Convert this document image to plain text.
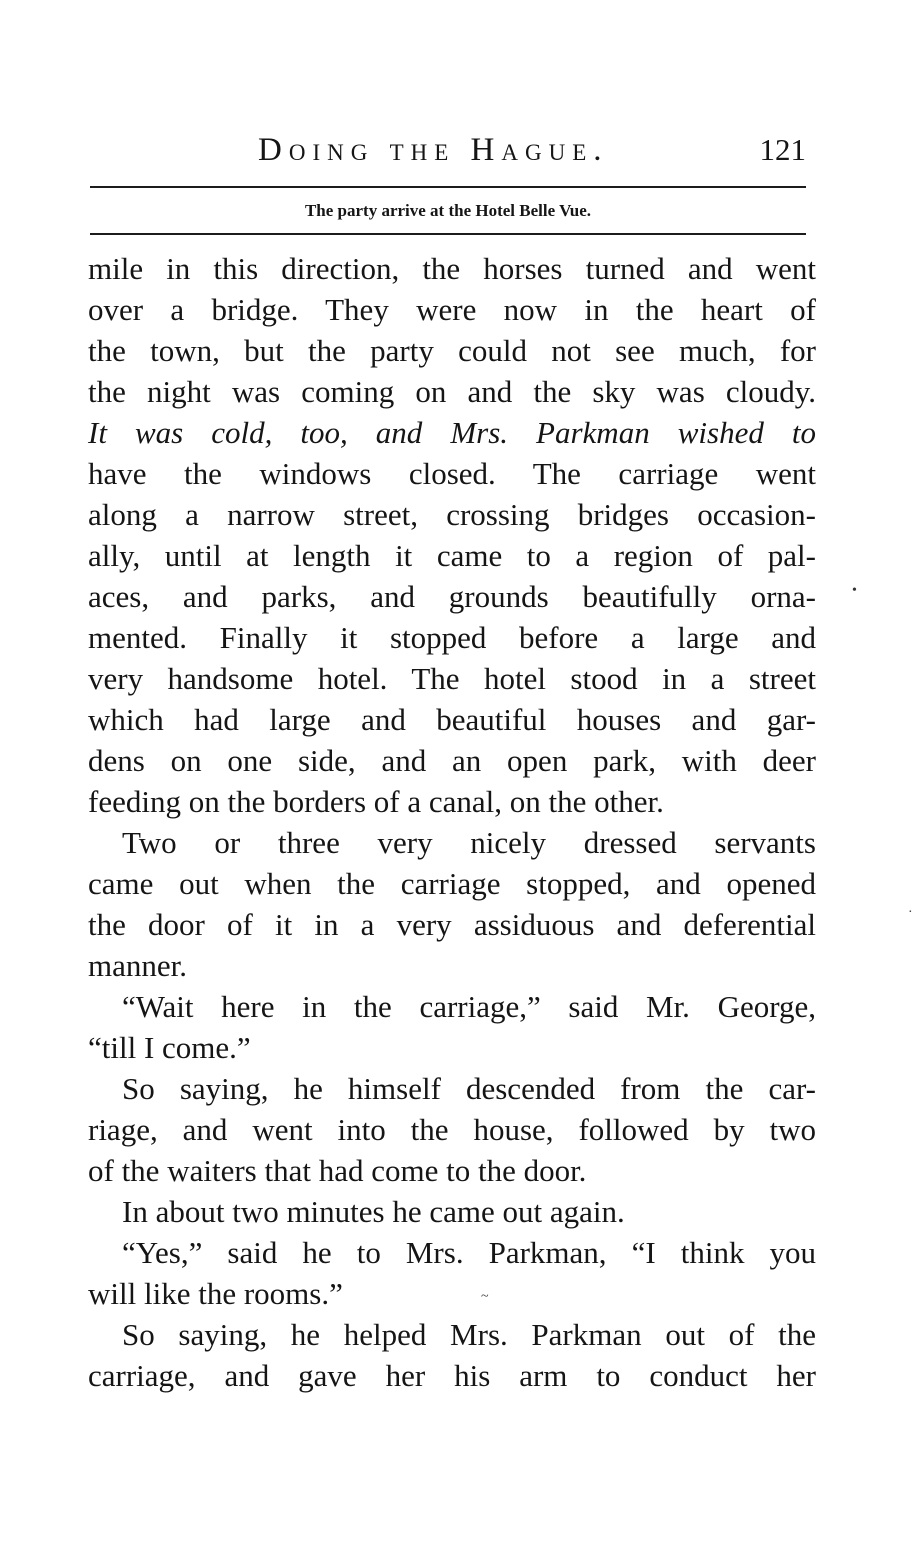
Doing the Hague.	121
The party arrive at the Hotel Belle Vue.
mile in this direction, the horses turned and went
over a bridge. They were now in the heart of
the town, but the party could not see much, for
the night was coming on and the sky was cloudy.
It was cold, too, and Mrs. Parkman wished to
have the windows closed. The carriage went
along a narrow street, crossing bridges occasion-
ally, until at length it came to a region of pal-
aces, and parks, and grounds beautifully orna-
mented. Finally it stopped before a large and
very handsome hotel. The hotel stood in a street
which had large and beautiful houses and gar-
dens on one side, and an open park, with deer
feeding on the borders of a canal, on the other.
Two or three very nicely dressed servants
came out when the carriage stopped, and opened
the door of it in a very assiduous and deferential
manner.
“Wait here in the carriage,” said Mr. George,
“till I come.”
So saying, he himself descended from the car-
riage, and went into the house, followed by two
of the waiters that had come to the door.
In about two minutes he came out again.
“Yes,” said he to Mrs. Parkman, “I think you
will like the rooms.”
So saying, he helped Mrs. Parkman out of the
carriage, and gave her his arm to conduct her
•
·
~
